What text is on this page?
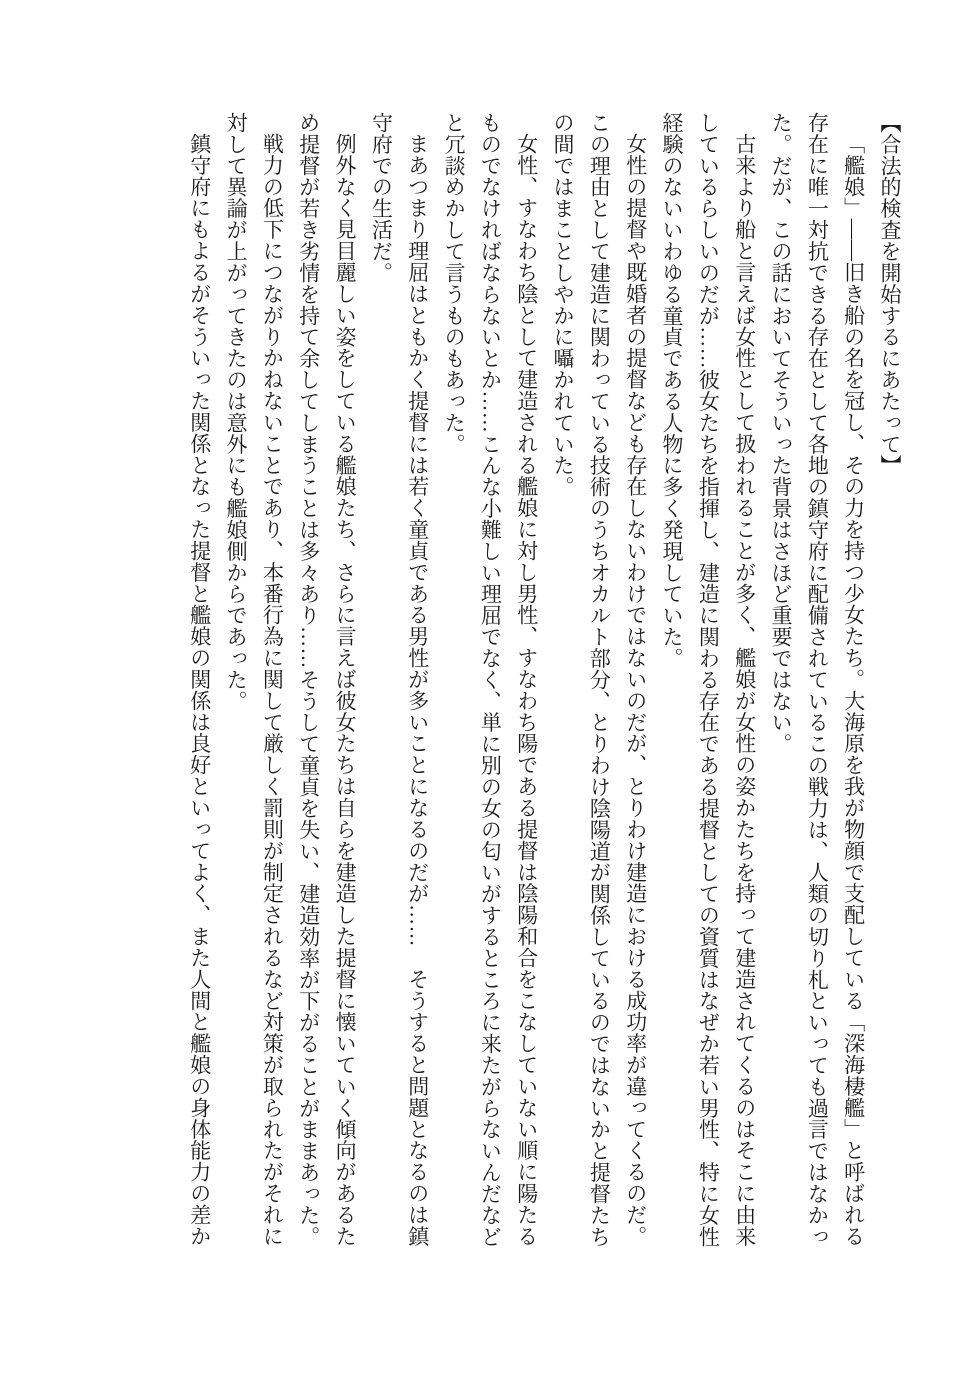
【合法的検査を開始するにあたって】

「艦娘」――旧き船の名を冠し、その力を持つ少女たち。大海原を我が物顔で支配している「深海棲艦」と呼ばれる存在に唯一対抗できる存在として各地の鎮守府に配備されているこの戦力は、人類の切り札といっても過言ではなかった。だが、この話においてそういった背景はさほど重要ではない。

古来より船と言えば女性として扱われることが多く、艦娘が女性の姿かたちを持って建造されてくるのはそこに由来しているらしいのだが……彼女たちを指揮し、建造に関わる存在である提督としての資質はなぜか若い男性、特に女性経験のないいわゆる童貞である人物に多く発現していた。

女性の提督や既婚者の提督なども存在しないわけではないのだが、とりわけ建造における成功率が違ってくるのだ。この理由として建造に関わっている技術のうちオカルト部分、とりわけ陰陽道が関係しているのではないかと提督たちの間ではまことしやかに囁かれていた。

女性、すなわち陰として建造される艦娘に対し男性、すなわち陽である提督は陰陽和合をこなしていない順に陽たるものでなければならないとか……こんな小難しい理屈でなく、単に別の女の匂いがするところに来たがらないんだなどと冗談めかして言うものもあった。

まあつまり理屈はともかく提督には若く童貞である男性が多いことになるのだが……　そうすると問題となるのは鎮守府での生活だ。

例外なく見目麗しい姿をしている艦娘たち、さらに言えば彼女たちは自らを建造した提督に懐いていく傾向があるため提督が若き劣情を持て余してしまうことは多々あり……そうして童貞を失い、建造効率が下がることがままあった。

戦力の低下につながりかねないことであり、本番行為に関して厳しく罰則が制定されるなど対策が取られたがそれに対して異論が上がってきたのは意外にも艦娘側からであった。

鎮守府にもよるがそういった関係となった提督と艦娘の関係は良好といってよく、また人間と艦娘の身体能力の差か
